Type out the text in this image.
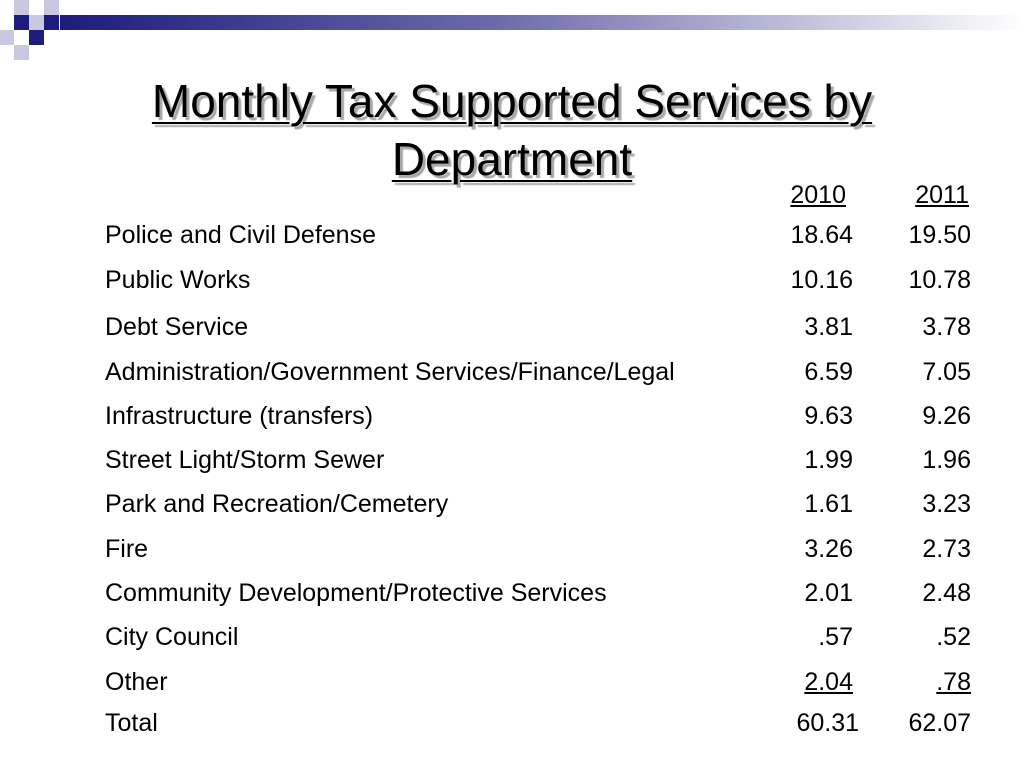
Monthly Tax Supported Services by Department
2010	2011
Police and Civil Defense	18.64	19.50
Public Works	10.16	10.78
Debt Service	3.81	3.78
Administration/Government Services/Finance/Legal	6.59	7.05
Infrastructure (transfers)	9.63	9.26
Street Light/Storm Sewer	1.99	1.96
Park and Recreation/Cemetery	1.61	3.23
Fire	3.26	2.73
Community Development/Protective Services	2.01	2.48
City Council	.57	.52
Other	2.04	.78
Total	60.31	62.07
